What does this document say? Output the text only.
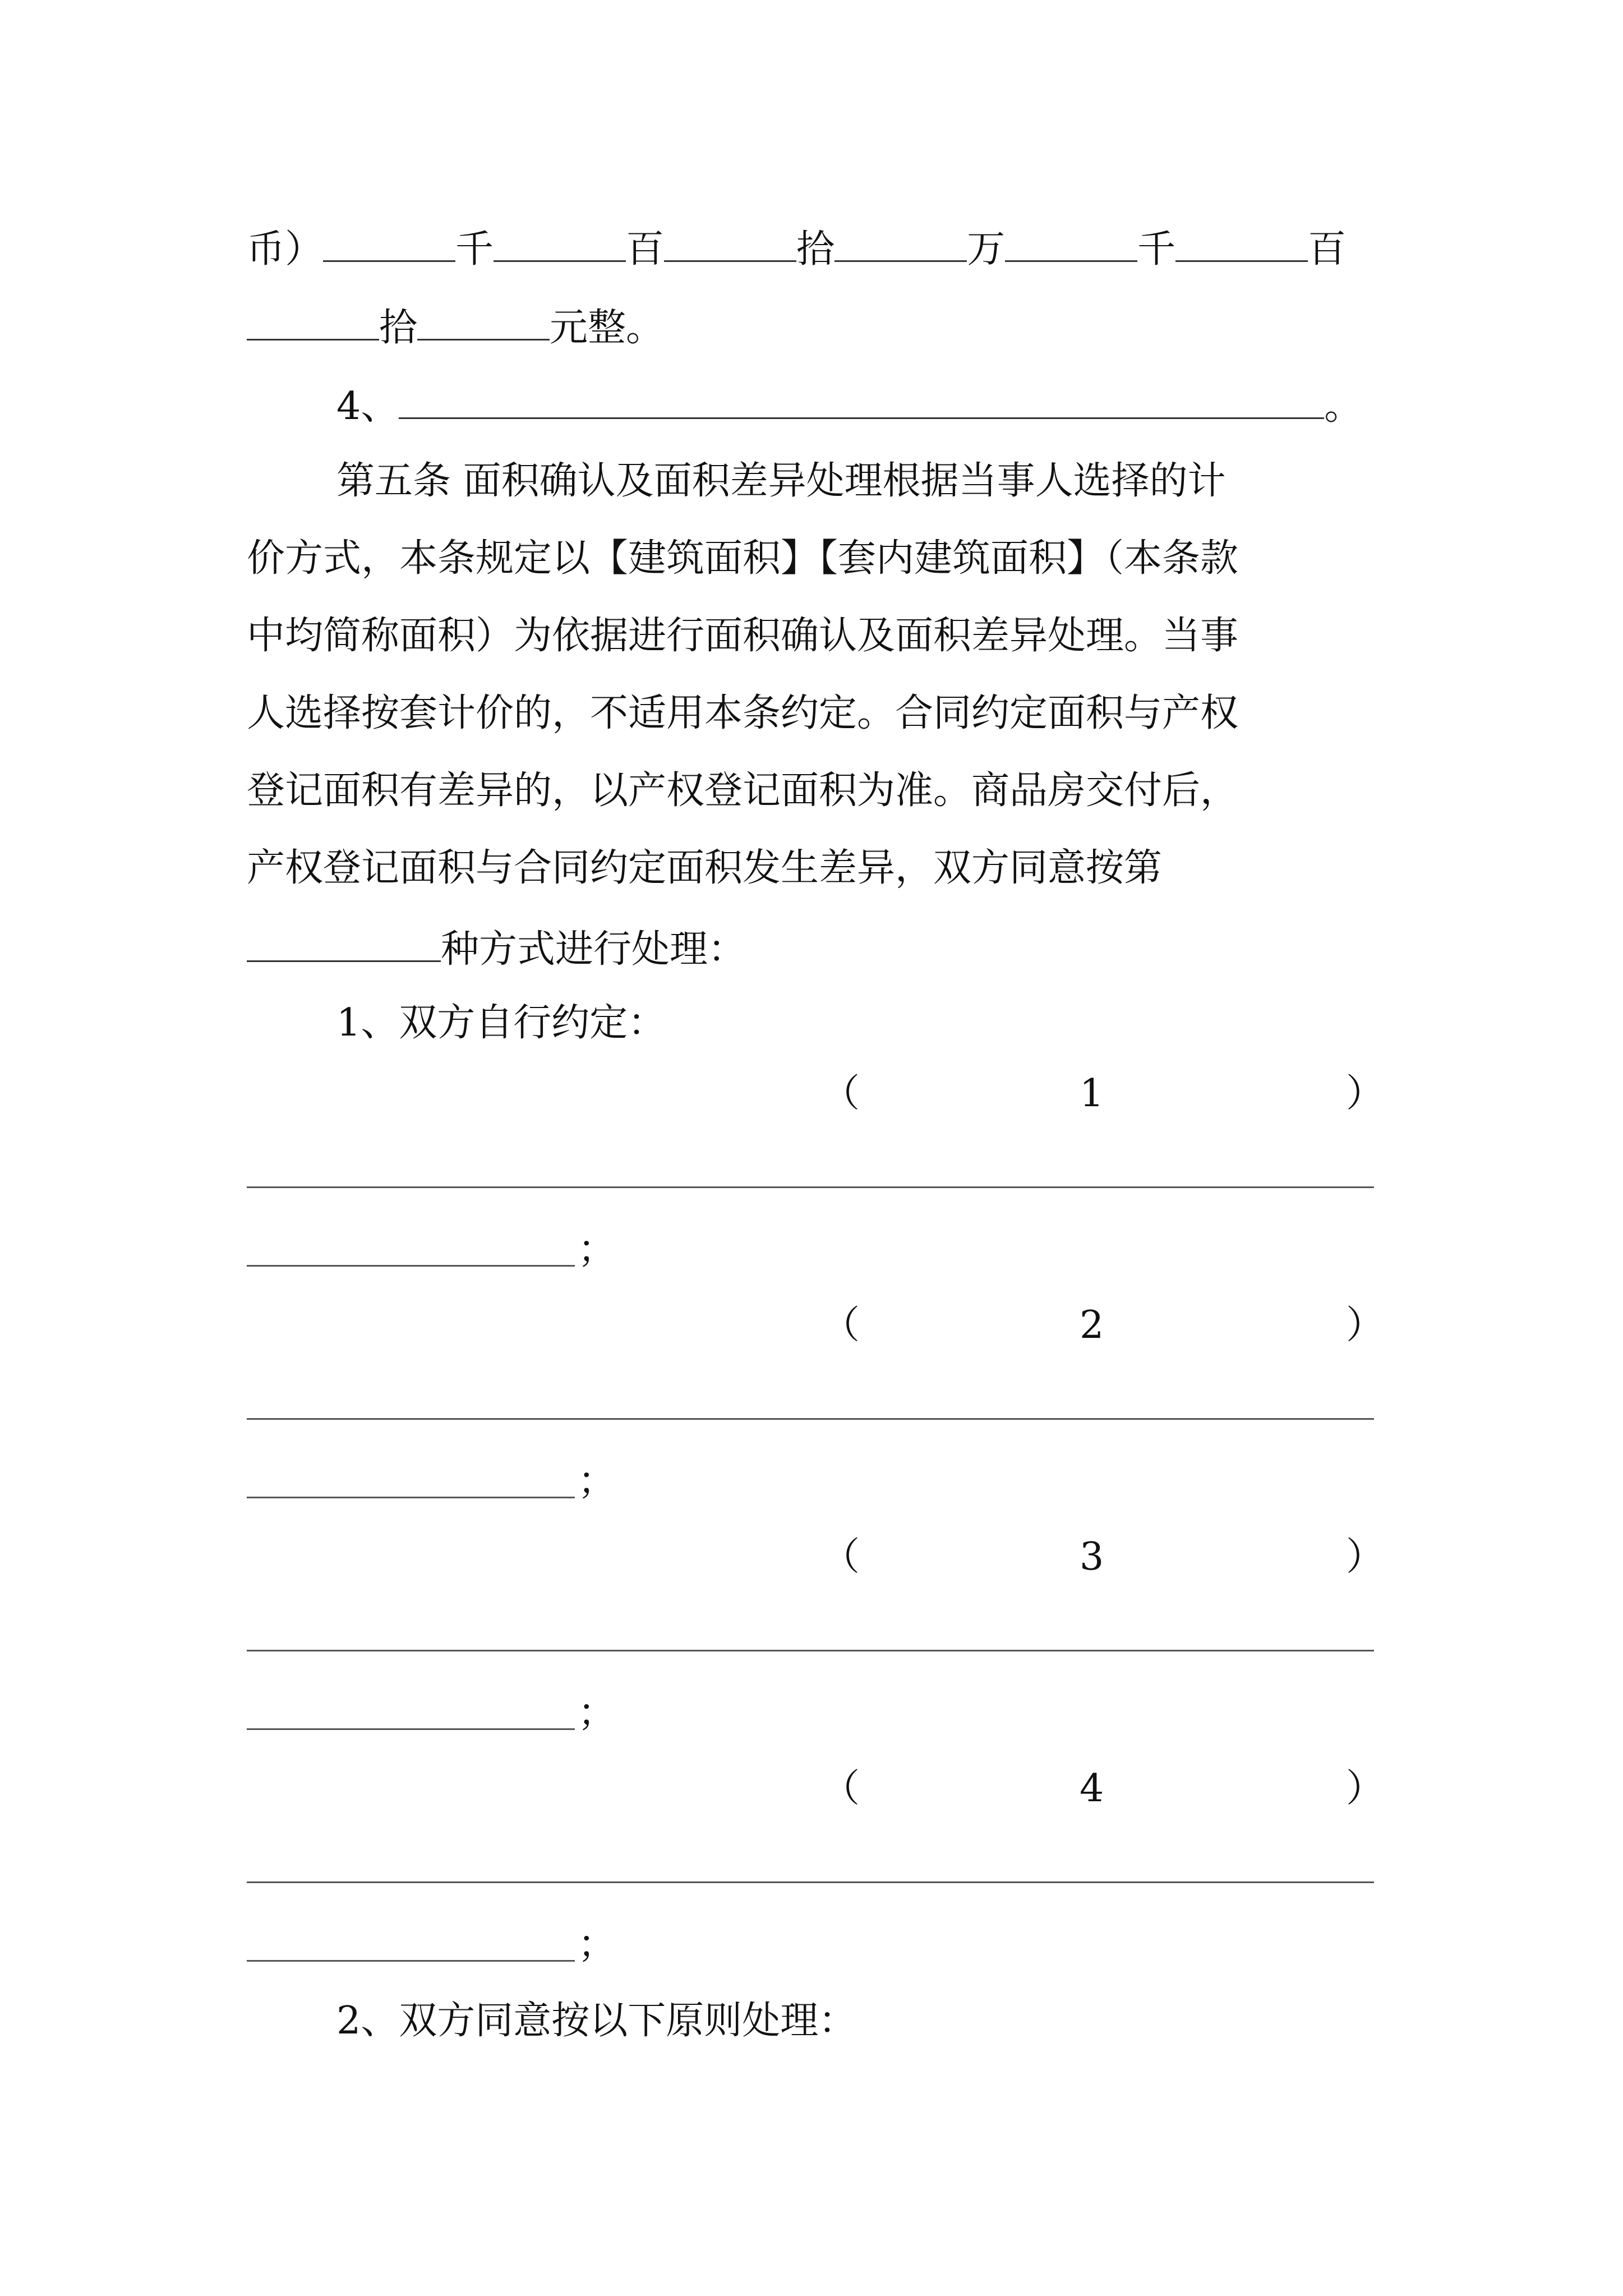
币）	千	百	拾	万	千	百
拾	元整。
4、	。
第五条 面积确认及面积差异处理根据当事人选择的计
价方式，本条规定以【建筑面积】【套内建筑面积】（本条款
中均简称面积）为依据进行面积确认及面积差异处理。当事
人选择按套计价的，不适用本条约定。合同约定面积与产权
登记面积有差异的，以产权登记面积为准。商品房交付后，
产权登记面积与合同约定面积发生差异，双方同意按第
种方式进行处理：
1、双方自行约定：
（	1	）
；
（	2	）
；
（	3	）
；
（	4	）
；
2、双方同意按以下原则处理：
